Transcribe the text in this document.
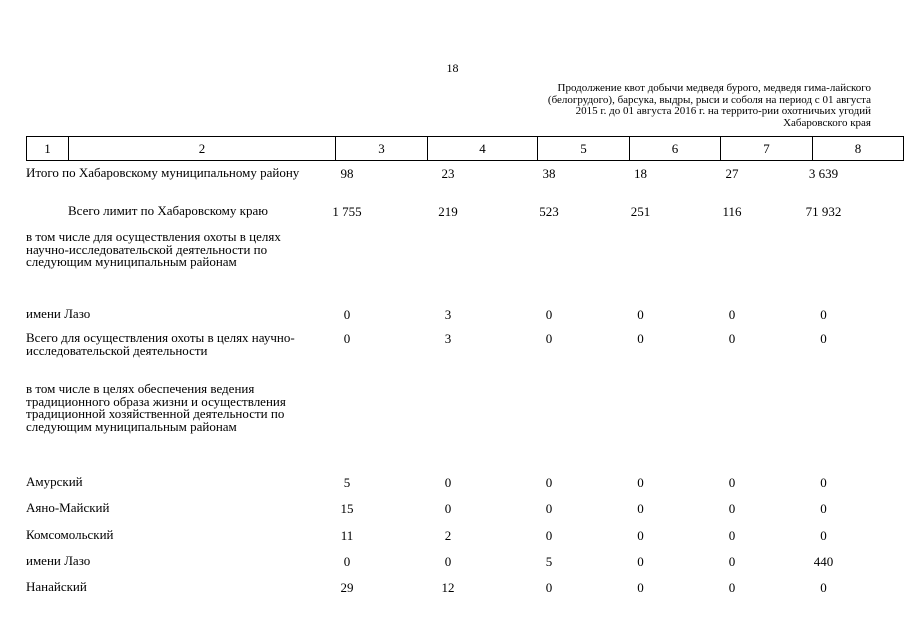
18
Продолжение квот добычи медведя бурого, медведя гима-лайского (белогрудого), барсука, выдры, рыси и соболя на период с 01 августа 2015 г. до 01 августа 2016 г. на террито-рии охотничьих угодий Хабаровского края
1	2	3	4	5	6	7	8
Итого по Хабаровскому муниципальному району	98	23	38	18	27	3 639
Всего лимит по Хабаровскому краю	1 755	219	523	251	116	71 932
в том числе для осуществления охоты в целях научно-исследовательской деятельности по следующим муниципальным районам						
имени Лазо	0	3	0	0	0	0
Всего для осуществления охоты в целях научно-исследовательской деятельности	0	3	0	0	0	0
в том числе в целях обеспечения ведения традиционного образа жизни и осуществления традиционной хозяйственной деятельности по следующим муниципальным районам						
Амурский	5	0	0	0	0	0
Аяно-Майский	15	0	0	0	0	0
Комсомольский	11	2	0	0	0	0
имени Лазо	0	0	5	0	0	440
Нанайский	29	12	0	0	0	0
